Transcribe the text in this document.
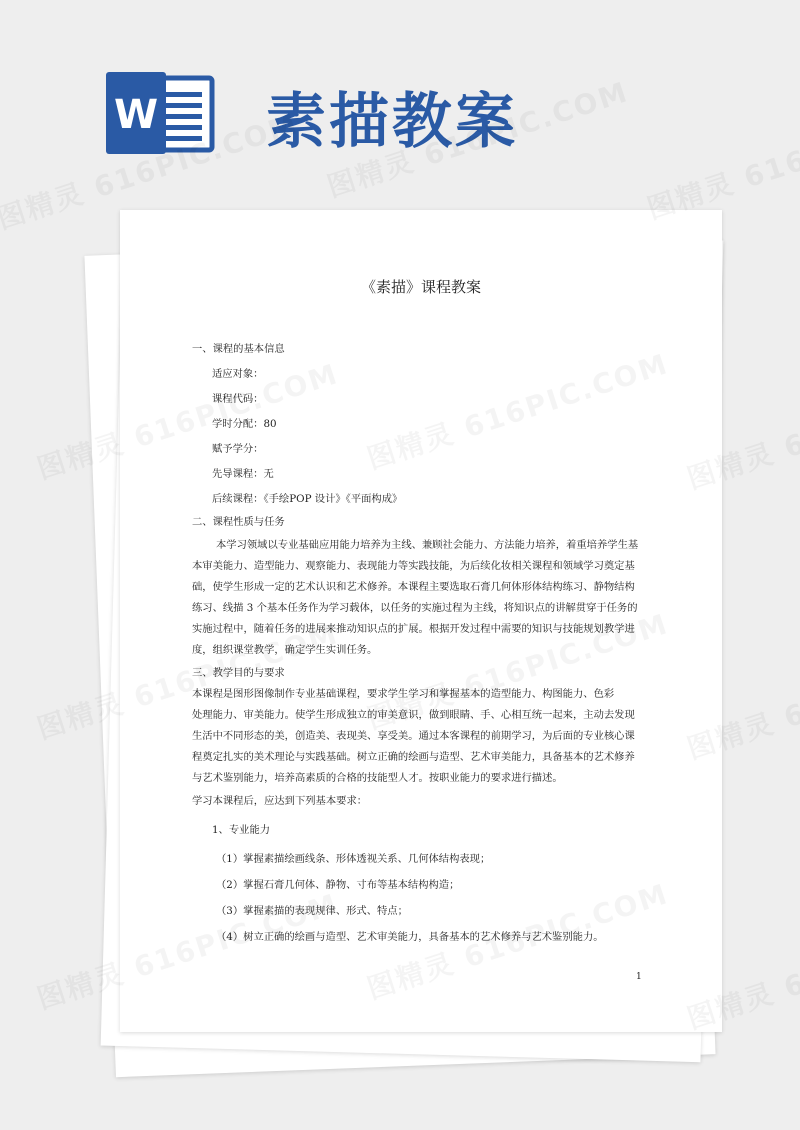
W 素描教案
《素描》课程教案
一、课程的基本信息
适应对象：
课程代码：
学时分配：80
赋予学分：
先导课程：无
后续课程：《手绘POP 设计》《平面构成》
二、课程性质与任务
本学习领域以专业基础应用能力培养为主线、兼顾社会能力、方法能力培养，着重培养学生基
本审美能力、造型能力、观察能力、表现能力等实践技能，为后续化妆相关课程和领域学习奠定基
础，使学生形成一定的艺术认识和艺术修养。本课程主要选取石膏几何体形体结构练习、静物结构
练习、线描 3 个基本任务作为学习载体，以任务的实施过程为主线，将知识点的讲解贯穿于任务的
实施过程中，随着任务的进展来推动知识点的扩展。根据开发过程中需要的知识与技能规划教学进
度，组织课堂教学，确定学生实训任务。
三、教学目的与要求
本课程是图形图像制作专业基础课程，要求学生学习和掌握基本的造型能力、构图能力、色彩
处理能力、审美能力。使学生形成独立的审美意识，做到眼睛、手、心相互统一起来，主动去发现
生活中不同形态的美，创造美、表现美、享受美。通过本客课程的前期学习，为后面的专业核心课
程奠定扎实的美术理论与实践基础。树立正确的绘画与造型、艺术审美能力，具备基本的艺术修养
与艺术鉴别能力，培养高素质的合格的技能型人才。按职业能力的要求进行描述。
学习本课程后，应达到下列基本要求：
1、专业能力
（1）掌握素描绘画线条、形体透视关系、几何体结构表现；
（2）掌握石膏几何体、静物、寸布等基本结构构造；
（3）掌握素描的表现规律、形式、特点；
（4）树立正确的绘画与造型、艺术审美能力，具备基本的艺术修养与艺术鉴别能力。
1
